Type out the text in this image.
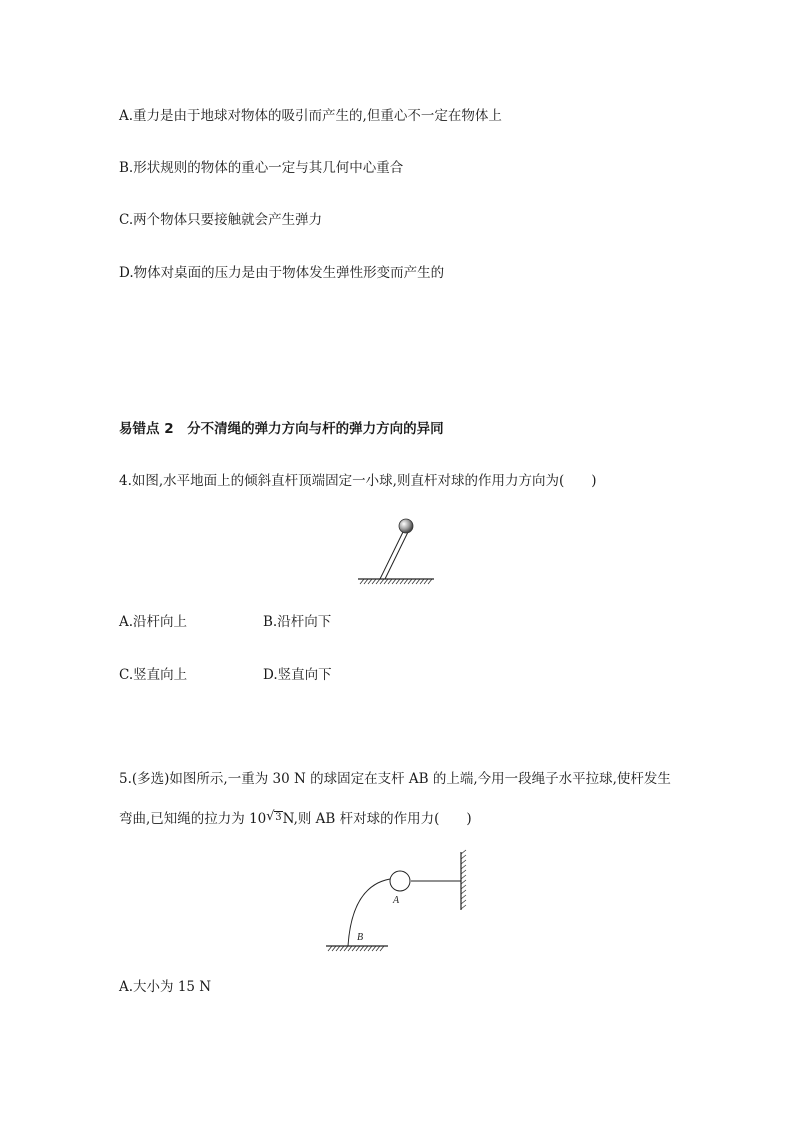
A.重力是由于地球对物体的吸引而产生的,但重心不一定在物体上
B.形状规则的物体的重心一定与其几何中心重合
C.两个物体只要接触就会产生弹力
D.物体对桌面的压力是由于物体发生弹性形变而产生的
易错点 2　分不清绳的弹力方向与杆的弹力方向的异同
4.如图,水平地面上的倾斜直杆顶端固定一小球,则直杆对球的作用力方向为(　　)
A.沿杆向上	B.沿杆向下
C.竖直向上	D.竖直向下
5.(多选)如图所示,一重为 30 N 的球固定在支杆 AB 的上端,今用一段绳子水平拉球,使杆发生
弯曲,已知绳的拉力为 10 √ $^3$N,则 AB 杆对球的作用力(　　)
A
B
A.大小为 15 N
